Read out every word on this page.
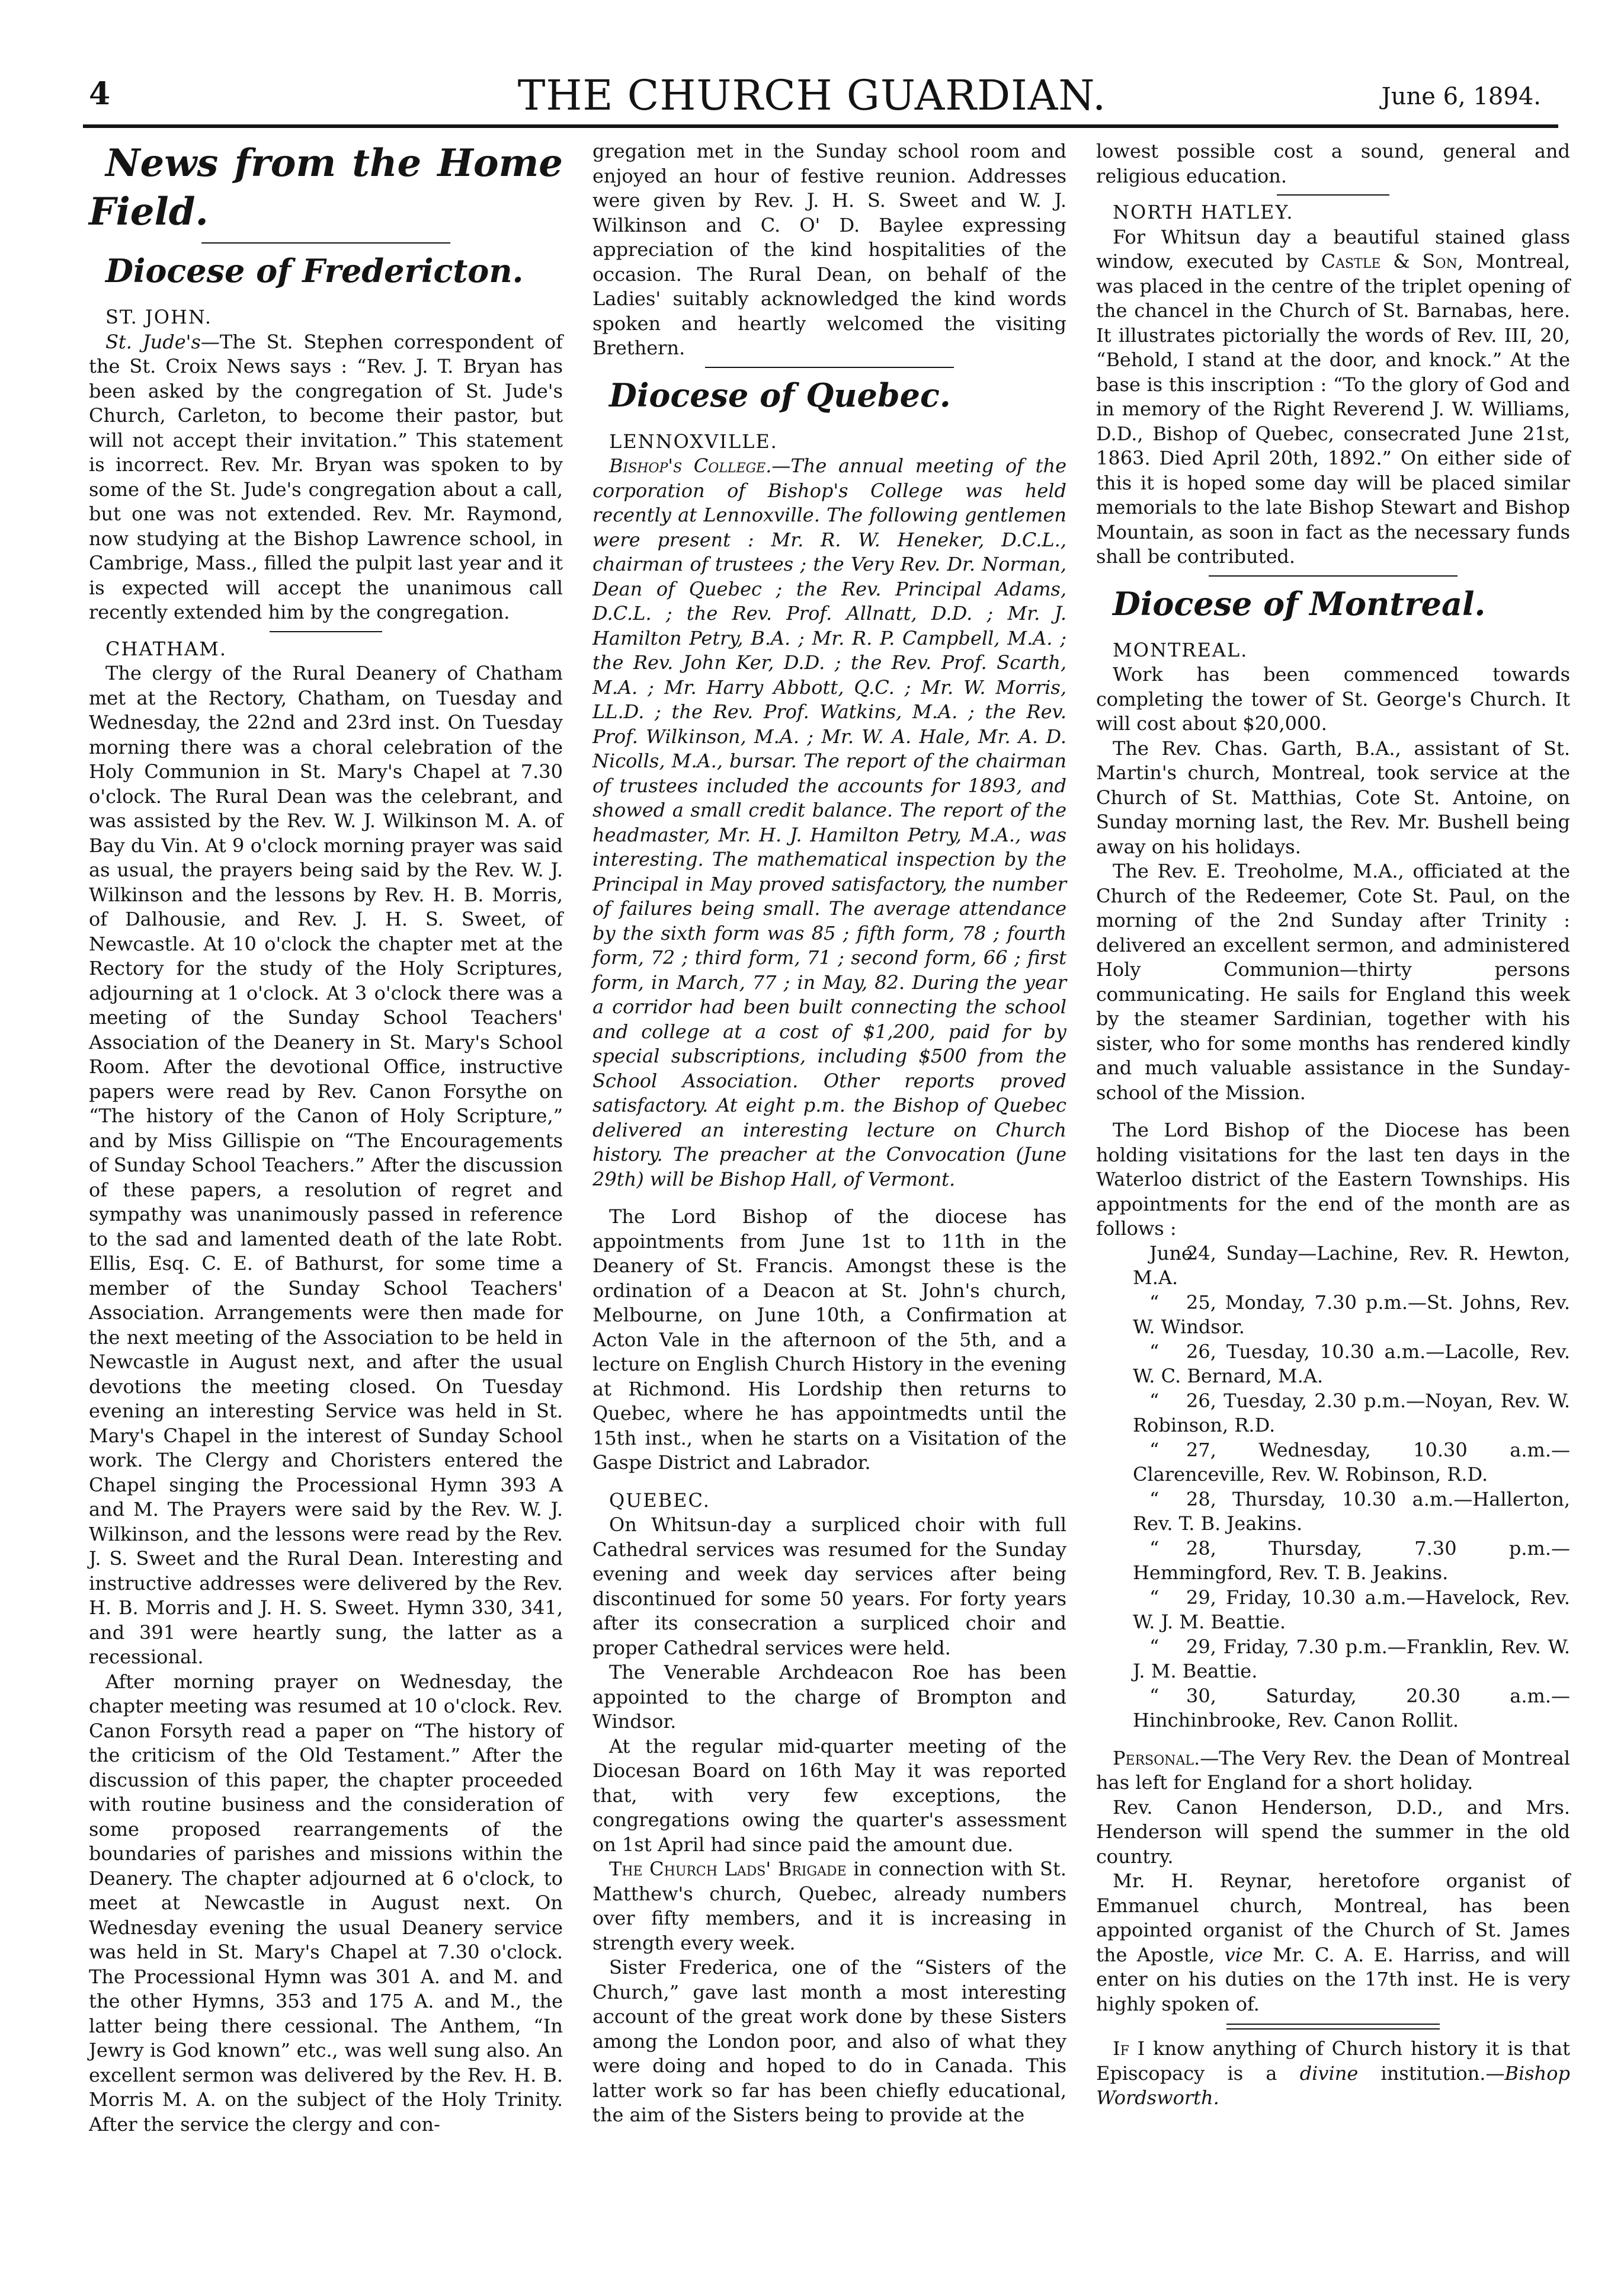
4	THE CHURCH GUARDIAN.	June 6, 1894.

News from the Home Field.

Diocese of Fredericton.

ST. JOHN.

St. Jude's—The St. Stephen correspondent of the St. Croix News says : “Rev. J. T. Bryan has been asked by the congregation of St. Jude's Church, Carleton, to become their pastor, but will not accept their invitation.” This statement is incorrect. Rev. Mr. Bryan was spoken to by some of the St. Jude's congregation about a call, but one was not extended. Rev. Mr. Raymond, now studying at the Bishop Lawrence school, in Cambrige, Mass., filled the pulpit last year and it is expected will accept the unanimous call recently extended him by the congregation.

CHATHAM.

The clergy of the Rural Deanery of Chatham met at the Rectory, Chatham, on Tuesday and Wednesday, the 22nd and 23rd inst. On Tuesday morning there was a choral celebration of the Holy Communion in St. Mary's Chapel at 7.30 o'clock. The Rural Dean was the celebrant, and was assisted by the Rev. W. J. Wilkinson M. A. of Bay du Vin. At 9 o'clock morning prayer was said as usual, the prayers being said by the Rev. W. J. Wilkinson and the lessons by Rev. H. B. Morris, of Dalhousie, and Rev. J. H. S. Sweet, of Newcastle. At 10 o'clock the chapter met at the Rectory for the study of the Holy Scriptures, adjourning at 1 o'clock. At 3 o'clock there was a meeting of the Sunday School Teachers' Association of the Deanery in St. Mary's School Room. After the devotional Office, instructive papers were read by Rev. Canon Forsythe on “The history of the Canon of Holy Scripture,” and by Miss Gillispie on “The Encouragements of Sunday School Teachers.” After the discussion of these papers, a resolution of regret and sympathy was unanimously passed in reference to the sad and lamented death of the late Robt. Ellis, Esq. C. E. of Bathurst, for some time a member of the Sunday School Teachers' Association. Arrangements were then made for the next meeting of the Association to be held in Newcastle in August next, and after the usual devotions the meeting closed. On Tuesday evening an interesting Service was held in St. Mary's Chapel in the interest of Sunday School work. The Clergy and Choristers entered the Chapel singing the Processional Hymn 393 A and M. The Prayers were said by the Rev. W. J. Wilkinson, and the lessons were read by the Rev. J. S. Sweet and the Rural Dean. Interesting and instructive addresses were delivered by the Rev. H. B. Morris and J. H. S. Sweet. Hymn 330, 341, and 391 were heartly sung, the latter as a recessional.

After morning prayer on Wednesday, the chapter meeting was resumed at 10 o'clock. Rev. Canon Forsyth read a paper on “The history of the criticism of the Old Testament.” After the discussion of this paper, the chapter proceeded with routine business and the consideration of some proposed rearrangements of the boundaries of parishes and missions within the Deanery. The chapter adjourned at 6 o'clock, to meet at Newcastle in August next. On Wednesday evening the usual Deanery service was held in St. Mary's Chapel at 7.30 o'clock. The Processional Hymn was 301 A. and M. and the other Hymns, 353 and 175 A. and M., the latter being there cessional. The Anthem, “In Jewry is God known” etc., was well sung also. An excellent sermon was delivered by the Rev. H. B. Morris M. A. on the subject of the Holy Trinity. After the service the clergy and con-

gregation met in the Sunday school room and enjoyed an hour of festive reunion. Addresses were given by Rev. J. H. S. Sweet and W. J. Wilkinson and C. O' D. Baylee expressing appreciation of the kind hospitalities of the occasion. The Rural Dean, on behalf of the Ladies' suitably acknowledged the kind words spoken and heartly welcomed the visiting Brethern.

Diocese of Quebec.

LENNOXVILLE.

Bishop's College.—The annual meeting of the corporation of Bishop's College was held recently at Lennoxville. The following gentlemen were present : Mr. R. W. Heneker, D.C.L., chairman of trustees ; the Very Rev. Dr. Norman, Dean of Quebec ; the Rev. Principal Adams, D.C.L. ; the Rev. Prof. Allnatt, D.D. ; Mr. J. Hamilton Petry, B.A. ; Mr. R. P. Campbell, M.A. ; the Rev. John Ker, D.D. ; the Rev. Prof. Scarth, M.A. ; Mr. Harry Abbott, Q.C. ; Mr. W. Morris, LL.D. ; the Rev. Prof. Watkins, M.A. ; the Rev. Prof. Wilkinson, M.A. ; Mr. W. A. Hale, Mr. A. D. Nicolls, M.A., bursar. The report of the chairman of trustees included the accounts for 1893, and showed a small credit balance. The report of the headmaster, Mr. H. J. Hamilton Petry, M.A., was interesting. The mathematical inspection by the Principal in May proved satisfactory, the number of failures being small. The average attendance by the sixth form was 85 ; fifth form, 78 ; fourth form, 72 ; third form, 71 ; second form, 66 ; first form, in March, 77 ; in May, 82. During the year a corridor had been built connecting the school and college at a cost of $1,200, paid for by special subscriptions, including $500 from the School Association. Other reports proved satisfactory. At eight p.m. the Bishop of Quebec delivered an interesting lecture on Church history. The preacher at the Convocation (June 29th) will be Bishop Hall, of Vermont.

The Lord Bishop of the diocese has appointments from June 1st to 11th in the Deanery of St. Francis. Amongst these is the ordination of a Deacon at St. John's church, Melbourne, on June 10th, a Confirmation at Acton Vale in the afternoon of the 5th, and a lecture on English Church History in the evening at Richmond. His Lordship then returns to Quebec, where he has appointmedts until the 15th inst., when he starts on a Visitation of the Gaspe District and Labrador.

QUEBEC.

On Whitsun-day a surpliced choir with full Cathedral services was resumed for the Sunday evening and week day services after being discontinued for some 50 years. For forty years after its consecration a surpliced choir and proper Cathedral services were held.

The Venerable Archdeacon Roe has been appointed to the charge of Brompton and Windsor.

At the regular mid-quarter meeting of the Diocesan Board on 16th May it was reported that, with very few exceptions, the congregations owing the quarter's assessment on 1st April had since paid the amount due.

The Church Lads' Brigade in connection with St. Matthew's church, Quebec, already numbers over fifty members, and it is increasing in strength every week.

Sister Frederica, one of the “Sisters of the Church,” gave last month a most interesting account of the great work done by these Sisters among the London poor, and also of what they were doing and hoped to do in Canada. This latter work so far has been chiefly educational, the aim of the Sisters being to provide at the

lowest possible cost a sound, general and religious education.

NORTH HATLEY.

For Whitsun day a beautiful stained glass window, executed by Castle & Son, Montreal, was placed in the centre of the triplet opening of the chancel in the Church of St. Barnabas, here. It illustrates pictorially the words of Rev. III, 20, “Behold, I stand at the door, and knock.” At the base is this inscription : “To the glory of God and in memory of the Right Reverend J. W. Williams, D.D., Bishop of Quebec, consecrated June 21st, 1863. Died April 20th, 1892.” On either side of this it is hoped some day will be placed similar memorials to the late Bishop Stewart and Bishop Mountain, as soon in fact as the necessary funds shall be contributed.

Diocese of Montreal.

MONTREAL.

Work has been commenced towards completing the tower of St. George's Church. It will cost about $20,000.

The Rev. Chas. Garth, B.A., assistant of St. Martin's church, Montreal, took service at the Church of St. Matthias, Cote St. Antoine, on Sunday morning last, the Rev. Mr. Bushell being away on his holidays.

The Rev. E. Treoholme, M.A., officiated at the Church of the Redeemer, Cote St. Paul, on the morning of the 2nd Sunday after Trinity : delivered an excellent sermon, and administered Holy Communion—thirty persons communicating. He sails for England this week by the steamer Sardinian, together with his sister, who for some months has rendered kindly and much valuable assistance in the Sunday-school of the Mission.

The Lord Bishop of the Diocese has been holding visitations for the last ten days in the Waterloo district of the Eastern Townships. His appointments for the end of the month are as follows :

June24, Sunday—Lachine, Rev. R. Hewton, M.A.

“ 25, Monday, 7.30 p.m.—St. Johns, Rev. W. Windsor.

“ 26, Tuesday, 10.30 a.m.—Lacolle, Rev. W. C. Bernard, M.A.

“ 26, Tuesday, 2.30 p.m.—Noyan, Rev. W. Robinson, R.D.

“ 27, Wednesday, 10.30 a.m.—Clarenceville, Rev. W. Robinson, R.D.

“ 28, Thursday, 10.30 a.m.—Hallerton, Rev. T. B. Jeakins.

“ 28, Thursday, 7.30 p.m.—Hemmingford, Rev. T. B. Jeakins.

“ 29, Friday, 10.30 a.m.—Havelock, Rev. W. J. M. Beattie.

“ 29, Friday, 7.30 p.m.—Franklin, Rev. W. J. M. Beattie.

“ 30, Saturday, 20.30 a.m.—Hinchinbrooke, Rev. Canon Rollit.

Personal.—The Very Rev. the Dean of Montreal has left for England for a short holiday.

Rev. Canon Henderson, D.D., and Mrs. Henderson will spend the summer in the old country.

Mr. H. Reynar, heretofore organist of Emmanuel church, Montreal, has been appointed organist of the Church of St. James the Apostle, vice Mr. C. A. E. Harriss, and will enter on his duties on the 17th inst. He is very highly spoken of.

If I know anything of Church history it is that Episcopacy is a divine institution.—Bishop Wordsworth.
